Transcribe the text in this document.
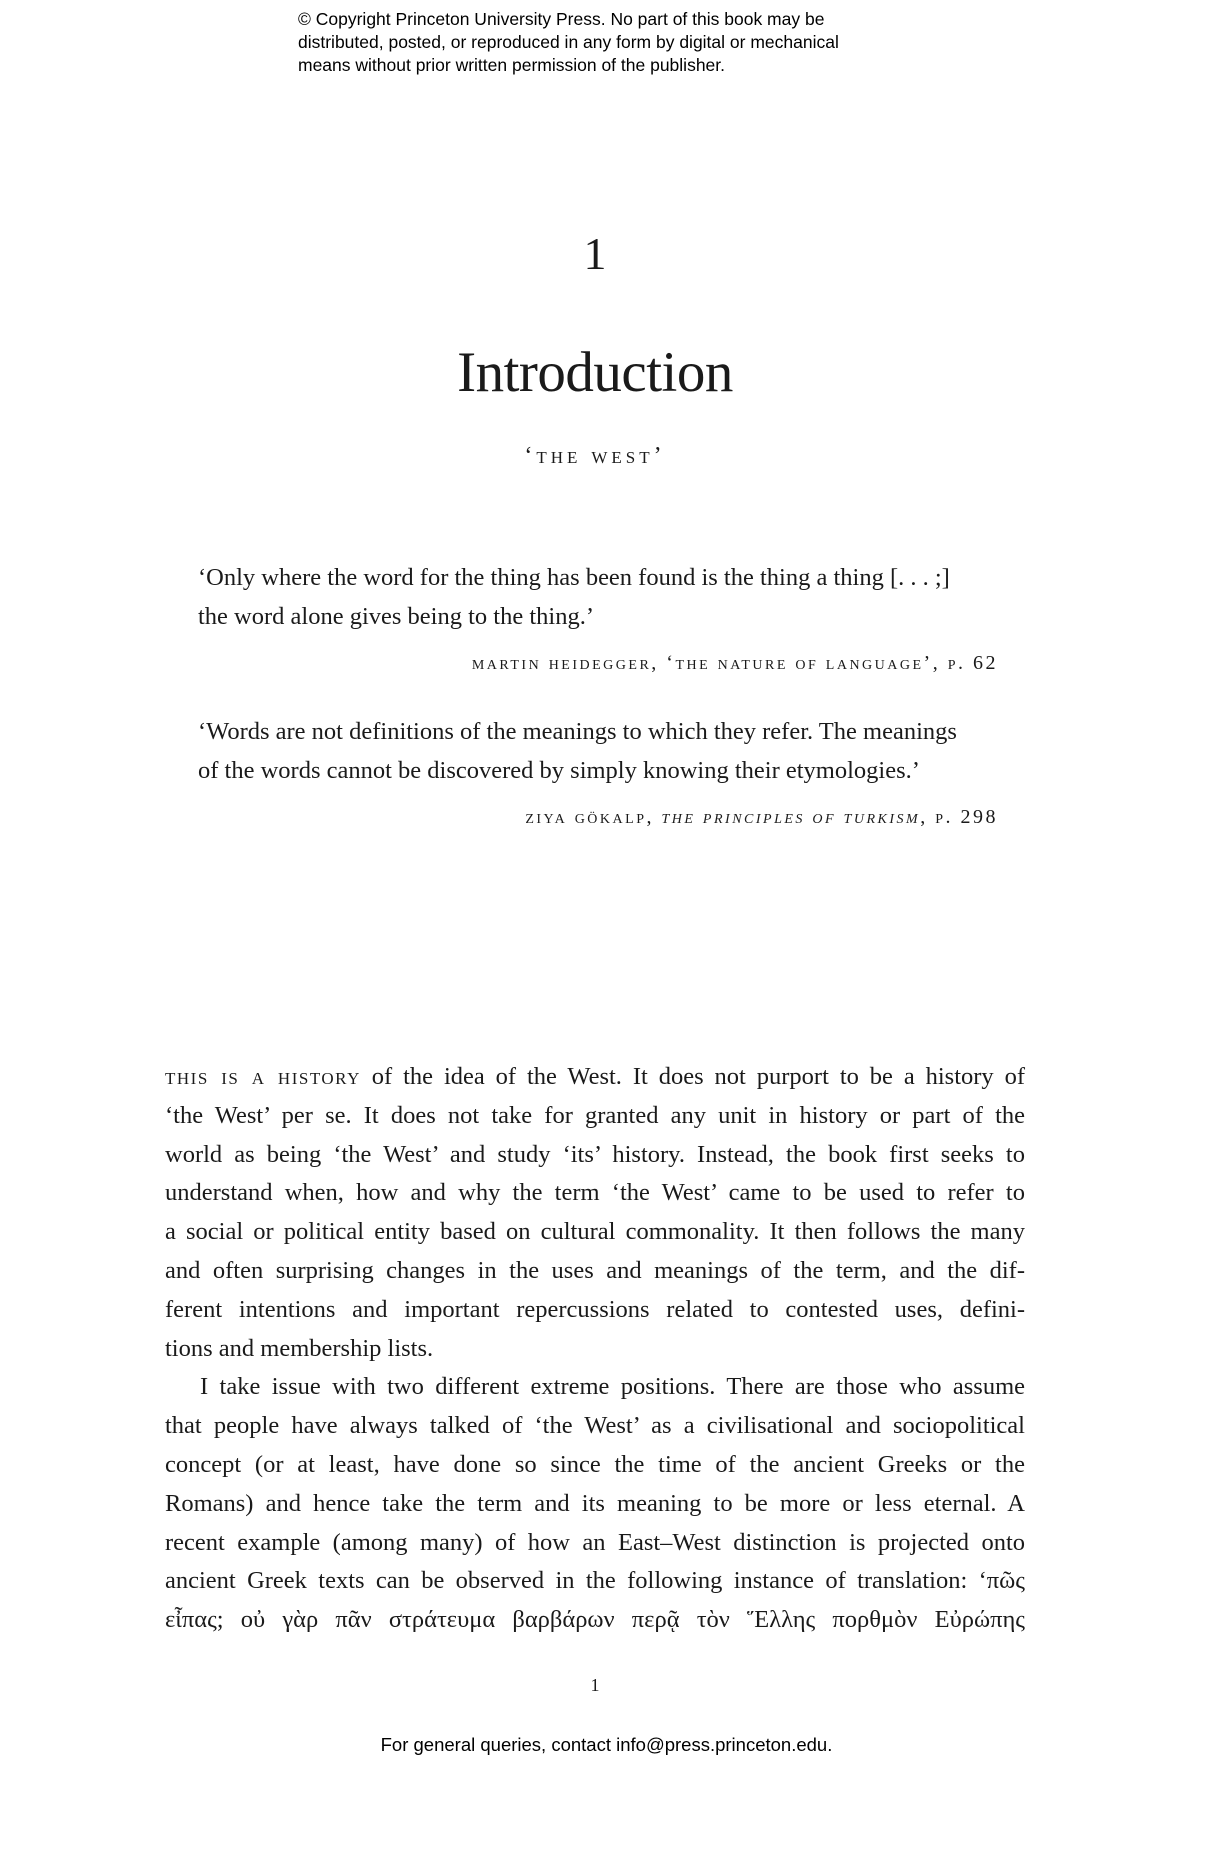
© Copyright Princeton University Press. No part of this book may be
distributed, posted, or reproduced in any form by digital or mechanical
means without prior written permission of the publisher.
1
Introduction
‘the west’
‘Only where the word for the thing has been found is the thing a thing [. . . ;]
the word alone gives being to the thing.’
martin heidegger, ‘the nature of language’, p. 62
‘Words are not definitions of the meanings to which they refer. The meanings
of the words cannot be discovered by simply knowing their etymologies.’
ziya gökalp, the principles of turkism, p. 298
this is a history of the idea of the West. It does not purport to be a history of
‘the West’ per se. It does not take for granted any unit in history or part of the
world as being ‘the West’ and study ‘its’ history. Instead, the book first seeks to
understand when, how and why the term ‘the West’ came to be used to refer to
a social or political entity based on cultural commonality. It then follows the many
and often surprising changes in the uses and meanings of the term, and the dif-
ferent intentions and important repercussions related to contested uses, defini-
tions and membership lists.
I take issue with two different extreme positions. There are those who assume
that people have always talked of ‘the West’ as a civilisational and sociopolitical
concept (or at least, have done so since the time of the ancient Greeks or the
Romans) and hence take the term and its meaning to be more or less eternal. A
recent example (among many) of how an East–West distinction is projected onto
ancient Greek texts can be observed in the following instance of translation: ‘πῶς
εἶπας; οὐ γὰρ πᾶν στράτευμα βαρβάρων περᾷ τὸν Ἕλλης πορθμὸν Εὐρώπης
1
For general queries, contact info@press.princeton.edu.
